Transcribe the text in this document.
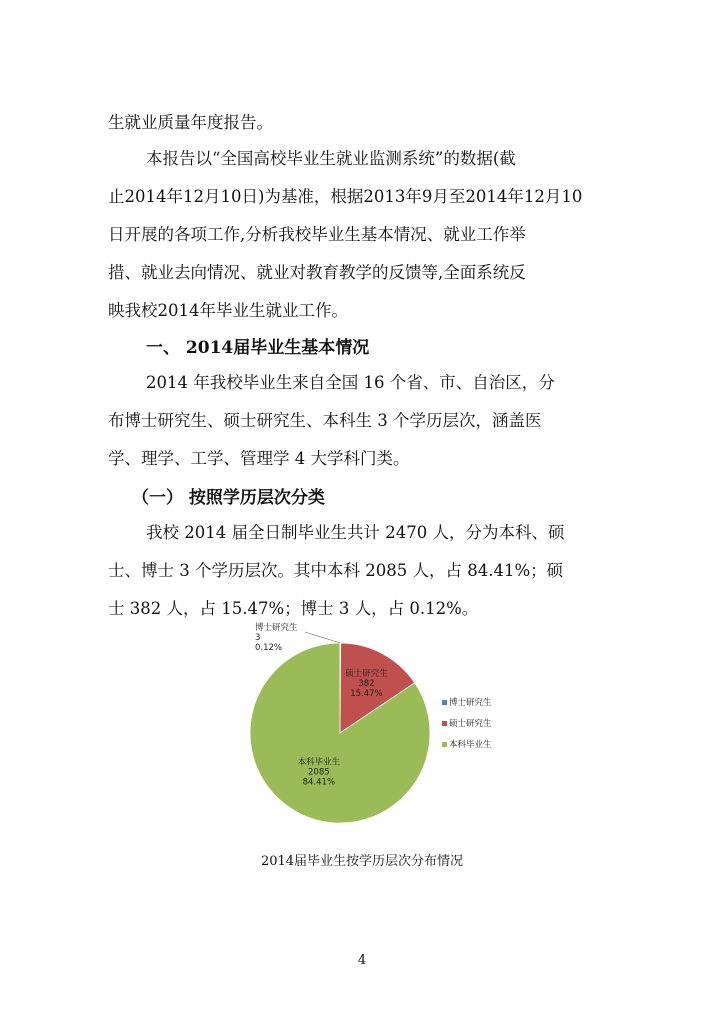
生就业质量年度报告。

本报告以“全国高校毕业生就业监测系统”的数据(截

止2014年12月10日)为基准，根据2013年9月至2014年12月10

日开展的各项工作,分析我校毕业生基本情况、就业工作举

措、就业去向情况、就业对教育教学的反馈等,全面系统反

映我校2014年毕业生就业工作。

一、 2014届毕业生基本情况

2014 年我校毕业生来自全国 16 个省、市、自治区，分

布博士研究生、硕士研究生、本科生 3 个学历层次，涵盖医

学、理学、工学、管理学 4 大学科门类。

（一） 按照学历层次分类

我校 2014 届全日制毕业生共计 2470 人，分为本科、硕

士、博士 3 个学历层次。其中本科 2085 人，占 84.41%；硕

士 382 人，占 15.47%；博士 3 人，占 0.12%。

博士研究生
3
0.12%
硕士研究生
382
15.47%
本科毕业生
2085
84.41%
博士研究生
硕士研究生
本科毕业生
2014届毕业生按学历层次分布情况
4
